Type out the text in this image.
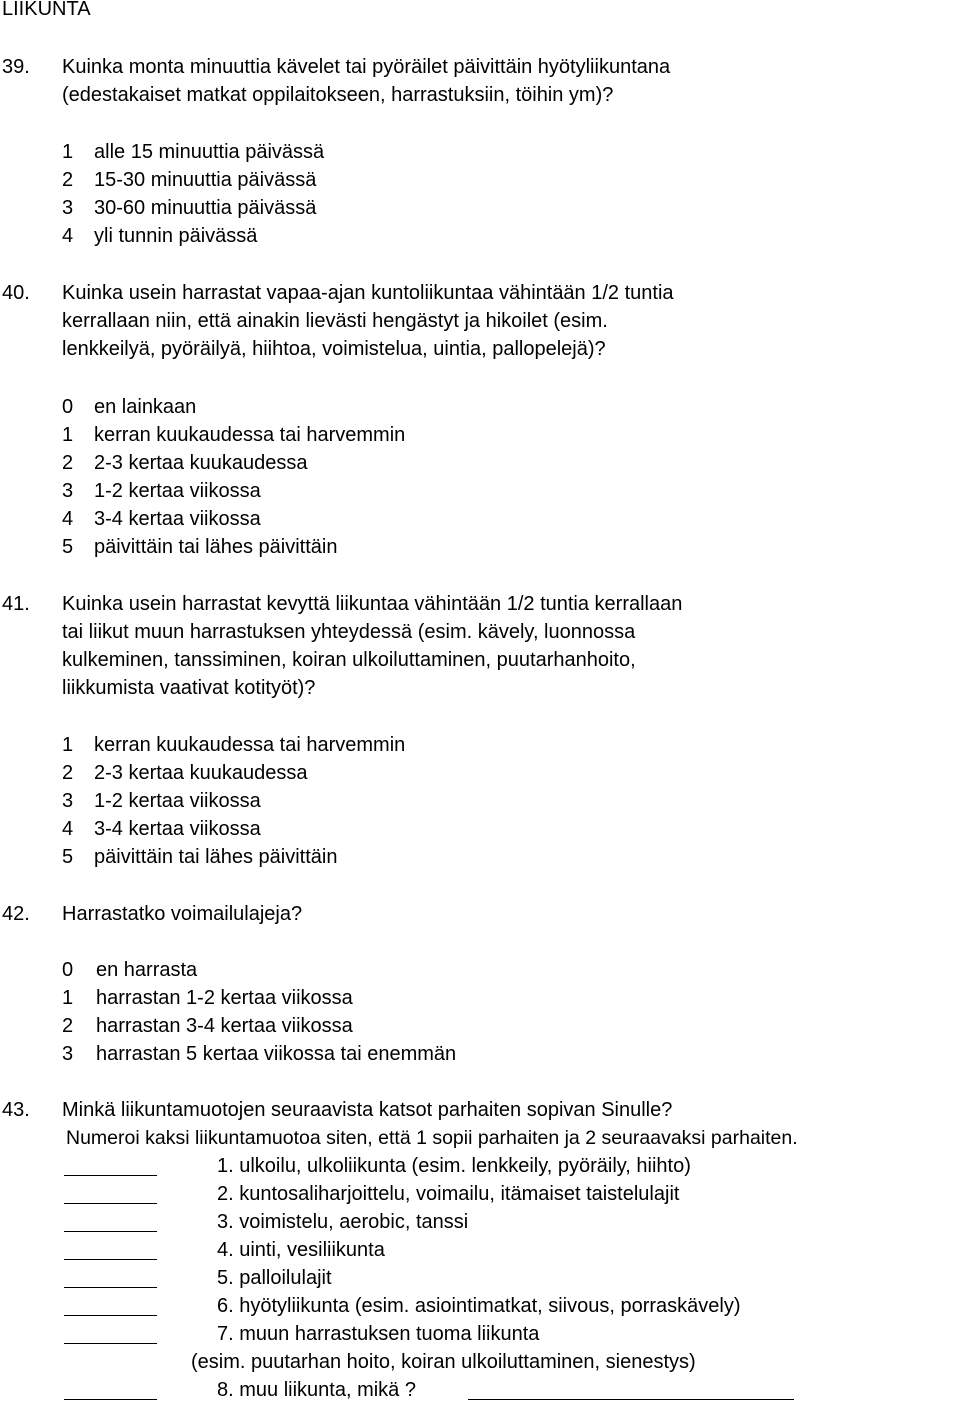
LIIKUNTA
39. Kuinka monta minuuttia kävelet tai pyöräilet päivittäin hyötyliikuntana
(edestakaiset matkat oppilaitokseen, harrastuksiin, töihin ym)?
1 alle 15 minuuttia päivässä
2 15-30 minuuttia päivässä
3 30-60 minuuttia päivässä
4 yli tunnin päivässä
40. Kuinka usein harrastat vapaa-ajan kuntoliikuntaa vähintään 1/2 tuntia
kerrallaan niin, että ainakin lievästi hengästyt ja hikoilet (esim.
lenkkeilyä, pyöräilyä, hiihtoa, voimistelua, uintia, pallopelejä)?
0 en lainkaan
1 kerran kuukaudessa tai harvemmin
2 2-3 kertaa kuukaudessa
3 1-2 kertaa viikossa
4 3-4 kertaa viikossa
5 päivittäin tai lähes päivittäin
41. Kuinka usein harrastat kevyttä liikuntaa vähintään 1/2 tuntia kerrallaan
tai liikut muun harrastuksen yhteydessä (esim. kävely, luonnossa
kulkeminen, tanssiminen, koiran ulkoiluttaminen, puutarhanhoito,
liikkumista vaativat kotityöt)?
1 kerran kuukaudessa tai harvemmin
2 2-3 kertaa kuukaudessa
3 1-2 kertaa viikossa
4 3-4 kertaa viikossa
5 päivittäin tai lähes päivittäin
42. Harrastatko voimailulajeja?
0 en harrasta
1 harrastan 1-2 kertaa viikossa
2 harrastan 3-4 kertaa viikossa
3 harrastan 5 kertaa viikossa tai enemmän
43. Minkä liikuntamuotojen seuraavista katsot parhaiten sopivan Sinulle?
Numeroi kaksi liikuntamuotoa siten, että 1 sopii parhaiten ja 2 seuraavaksi parhaiten.
1. ulkoilu, ulkoliikunta (esim. lenkkeily, pyöräily, hiihto)
2. kuntosaliharjoittelu, voimailu, itämaiset taistelulajit
3. voimistelu, aerobic, tanssi
4. uinti, vesiliikunta
5. palloilulajit
6. hyötyliikunta (esim. asiointimatkat, siivous, porraskävely)
7. muun harrastuksen tuoma liikunta
(esim. puutarhan hoito, koiran ulkoiluttaminen, sienestys)
8. muu liikunta, mikä ?
